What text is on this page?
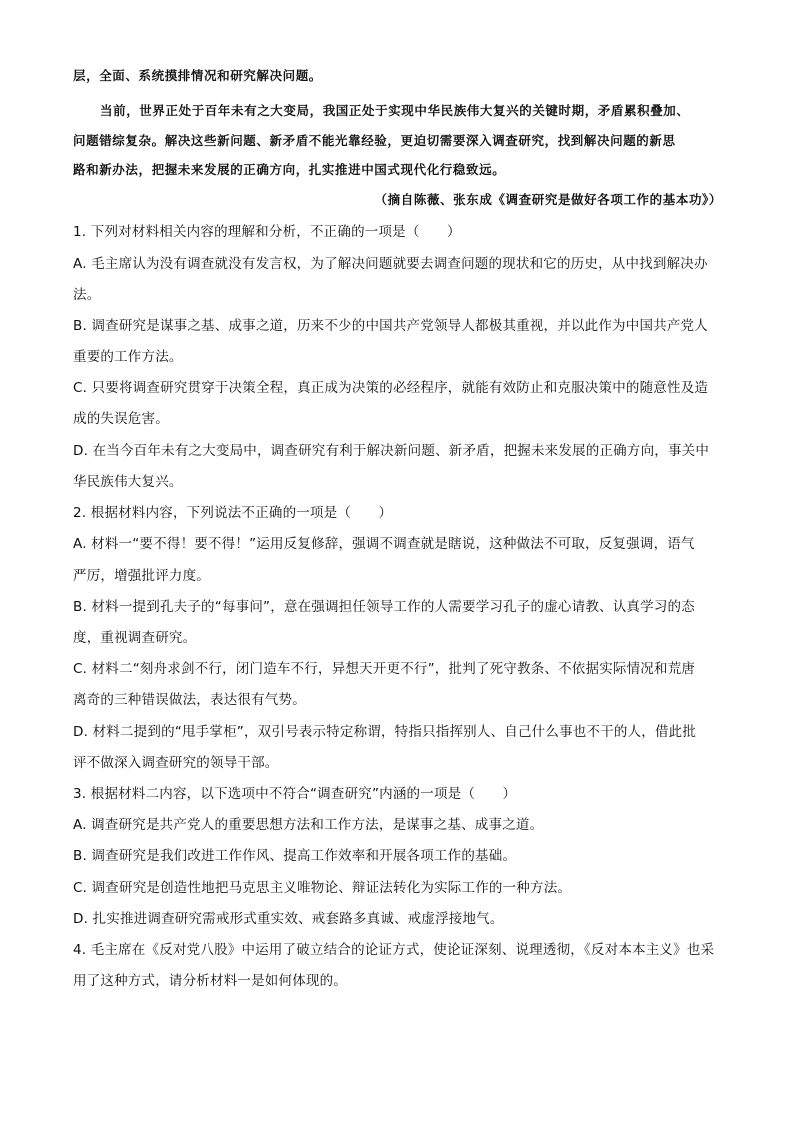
层，全面、系统摸排情况和研究解决问题。
当前，世界正处于百年未有之大变局，我国正处于实现中华民族伟大复兴的关键时期，矛盾累积叠加、
问题错综复杂。解决这些新问题、新矛盾不能光靠经验，更迫切需要深入调查研究，找到解决问题的新思
路和新办法，把握未来发展的正确方向，扎实推进中国式现代化行稳致远。
（摘自陈薇、张东成《调查研究是做好各项工作的基本功》）
1. 下列对材料相关内容的理解和分析，不正确的一项是（　　）
A. 毛主席认为没有调查就没有发言权，为了解决问题就要去调查问题的现状和它的历史，从中找到解决办
法。
B. 调查研究是谋事之基、成事之道，历来不少的中国共产党领导人都极其重视，并以此作为中国共产党人
重要的工作方法。
C. 只要将调查研究贯穿于决策全程，真正成为决策的必经程序，就能有效防止和克服决策中的随意性及造
成的失误危害。
D. 在当今百年未有之大变局中，调查研究有利于解决新问题、新矛盾，把握未来发展的正确方向，事关中
华民族伟大复兴。
2. 根据材料内容，下列说法不正确的一项是（　　）
A. 材料一“要不得！要不得！”运用反复修辞，强调不调查就是瞎说，这种做法不可取，反复强调，语气
严厉，增强批评力度。
B. 材料一提到孔夫子的“每事问”，意在强调担任领导工作的人需要学习孔子的虚心请教、认真学习的态
度，重视调查研究。
C. 材料二“刻舟求剑不行，闭门造车不行，异想天开更不行”，批判了死守教条、不依据实际情况和荒唐
离奇的三种错误做法，表达很有气势。
D. 材料二提到的“甩手掌柜”，双引号表示特定称谓，特指只指挥别人、自己什么事也不干的人，借此批
评不做深入调查研究的领导干部。
3. 根据材料二内容，以下选项中不符合“调查研究”内涵的一项是（　　）
A. 调查研究是共产党人的重要思想方法和工作方法，是谋事之基、成事之道。
B. 调查研究是我们改进工作作风、提高工作效率和开展各项工作的基础。
C. 调查研究是创造性地把马克思主义唯物论、辩证法转化为实际工作的一种方法。
D. 扎实推进调查研究需戒形式重实效、戒套路多真诚、戒虚浮接地气。
4. 毛主席在《反对党八股》中运用了破立结合的论证方式，使论证深刻、说理透彻，《反对本本主义》也采
用了这种方式，请分析材料一是如何体现的。
